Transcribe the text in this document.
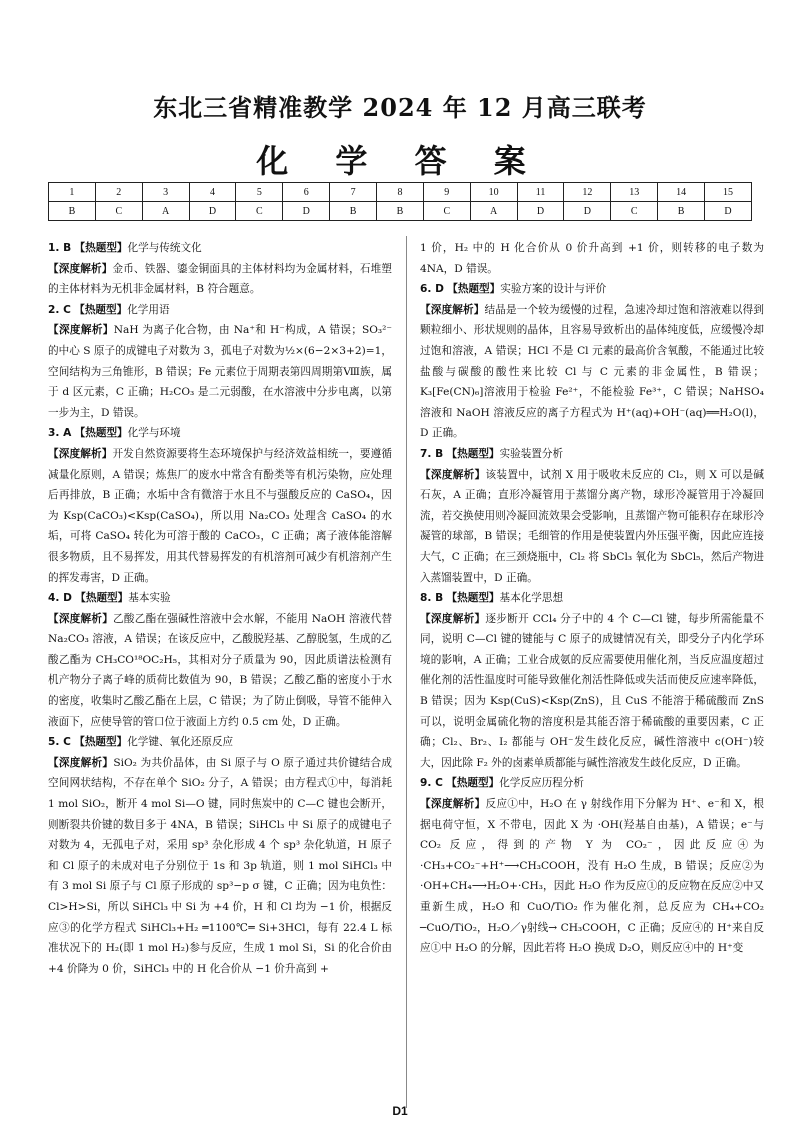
东北三省精准教学 2024 年 12 月高三联考
化 学 答 案
1	2	3	4	5	6	7	8	9	10	11	12	13	14	15
B	C	A	D	C	D	B	B	C	A	D	D	C	B	D
1. B 【热题型】化学与传统文化
【深度解析】金币、铁器、鎏金铜面具的主体材料均为金属材料，石堆塑的主体材料为无机非金属材料，B 符合题意。
2. C 【热题型】化学用语
【深度解析】NaH 为离子化合物，由 Na⁺和 H⁻构成，A 错误；SO₃²⁻的中心 S 原子的成键电子对数为 3，孤电子对数为½×(6−2×3+2)=1，空间结构为三角锥形，B 错误；Fe 元素位于周期表第四周期第Ⅷ族，属于 d 区元素，C 正确；H₂CO₃ 是二元弱酸，在水溶液中分步电离，以第一步为主，D 错误。
3. A 【热题型】化学与环境
【深度解析】开发自然资源要将生态环境保护与经济效益相统一，要遵循减量化原则，A 错误；炼焦厂的废水中常含有酚类等有机污染物，应处理后再排放，B 正确；水垢中含有微溶于水且不与强酸反应的 CaSO₄，因为 Ksp(CaCO₃)<Ksp(CaSO₄)，所以用 Na₂CO₃ 处理含 CaSO₄ 的水垢，可将 CaSO₄ 转化为可溶于酸的 CaCO₃，C 正确；离子液体能溶解很多物质，且不易挥发，用其代替易挥发的有机溶剂可减少有机溶剂产生的挥发毒害，D 正确。
4. D 【热题型】基本实验
【深度解析】乙酸乙酯在强碱性溶液中会水解，不能用 NaOH 溶液代替 Na₂CO₃ 溶液，A 错误；在该反应中，乙酸脱羟基、乙醇脱氢，生成的乙酸乙酯为 CH₃CO¹⁸OC₂H₅，其相对分子质量为 90，因此质谱法检测有机产物分子离子峰的质荷比数值为 90，B 错误；乙酸乙酯的密度小于水的密度，收集时乙酸乙酯在上层，C 错误；为了防止倒吸，导管不能伸入液面下，应使导管的管口位于液面上方约 0.5 cm 处，D 正确。
5. C 【热题型】化学键、氧化还原反应
【深度解析】SiO₂ 为共价晶体，由 Si 原子与 O 原子通过共价键结合成空间网状结构，不存在单个 SiO₂ 分子，A 错误；由方程式①中，每消耗 1 mol SiO₂，断开 4 mol Si—O 键，同时焦炭中的 C—C 键也会断开，则断裂共价键的数目多于 4NA，B 错误；SiHCl₃ 中 Si 原子的成键电子对数为 4，无孤电子对，采用 sp³ 杂化形成 4 个 sp³ 杂化轨道，H 原子和 Cl 原子的未成对电子分别位于 1s 和 3p 轨道，则 1 mol SiHCl₃ 中有 3 mol Si 原子与 Cl 原子形成的 sp³−p σ 键，C 正确；因为电负性：Cl>H>Si，所以 SiHCl₃ 中 Si 为 +4 价，H 和 Cl 均为 −1 价，根据反应③的化学方程式 SiHCl₃+H₂ ═1100℃═ Si+3HCl，每有 22.4 L 标准状况下的 H₂(即 1 mol H₂)参与反应，生成 1 mol Si，Si 的化合价由 +4 价降为 0 价，SiHCl₃ 中的 H 化合价从 −1 价升高到 +
1 价，H₂ 中的 H 化合价从 0 价升高到 +1 价，则转移的电子数为 4NA，D 错误。
6. D 【热题型】实验方案的设计与评价
【深度解析】结晶是一个较为缓慢的过程，急速冷却过饱和溶液难以得到颗粒细小、形状规则的晶体，且容易导致析出的晶体纯度低，应缓慢冷却过饱和溶液，A 错误；HCl 不是 Cl 元素的最高价含氧酸，不能通过比较盐酸与碳酸的酸性来比较 Cl 与 C 元素的非金属性，B 错误；K₃[Fe(CN)₆]溶液用于检验 Fe²⁺，不能检验 Fe³⁺，C 错误；NaHSO₄ 溶液和 NaOH 溶液反应的离子方程式为 H⁺(aq)+OH⁻(aq)══H₂O(l)，D 正确。
7. B 【热题型】实验装置分析
【深度解析】该装置中，试剂 X 用于吸收未反应的 Cl₂，则 X 可以是碱石灰，A 正确；直形冷凝管用于蒸馏分离产物，球形冷凝管用于冷凝回流，若交换使用则冷凝回流效果会受影响，且蒸馏产物可能积存在球形冷凝管的球部，B 错误；毛细管的作用是使装置内外压强平衡，因此应连接大气，C 正确；在三颈烧瓶中，Cl₂ 将 SbCl₃ 氧化为 SbCl₅，然后产物进入蒸馏装置中，D 正确。
8. B 【热题型】基本化学思想
【深度解析】逐步断开 CCl₄ 分子中的 4 个 C—Cl 键，每步所需能量不同，说明 C—Cl 键的键能与 C 原子的成键情况有关，即受分子内化学环境的影响，A 正确；工业合成氨的反应需要使用催化剂，当反应温度超过催化剂的活性温度时可能导致催化剂活性降低或失活而使反应速率降低，B 错误；因为 Ksp(CuS)<Ksp(ZnS)，且 CuS 不能溶于稀硫酸而 ZnS 可以，说明金属硫化物的溶度积是其能否溶于稀硫酸的重要因素，C 正确；Cl₂、Br₂、I₂ 都能与 OH⁻发生歧化反应，碱性溶液中 c(OH⁻)较大，因此除 F₂ 外的卤素单质都能与碱性溶液发生歧化反应，D 正确。
9. C 【热题型】化学反应历程分析
【深度解析】反应①中，H₂O 在 γ 射线作用下分解为 H⁺、e⁻和 X，根据电荷守恒，X 不带电，因此 X 为 ·OH(羟基自由基)，A 错误；e⁻与 CO₂ 反应，得到的产物 Y 为 CO₂⁻，因此反应④为 ·CH₃+CO₂⁻+H⁺⟶CH₃COOH，没有 H₂O 生成，B 错误；反应②为 ·OH+CH₄⟶H₂O+·CH₃，因此 H₂O 作为反应①的反应物在反应②中又重新生成，H₂O 和 CuO/TiO₂ 作为催化剂，总反应为 CH₄+CO₂ ─CuO/TiO₂，H₂O／γ射线→ CH₃COOH，C 正确；反应④的 H⁺来自反应①中 H₂O 的分解，因此若将 H₂O 换成 D₂O，则反应④中的 H⁺变
D1
